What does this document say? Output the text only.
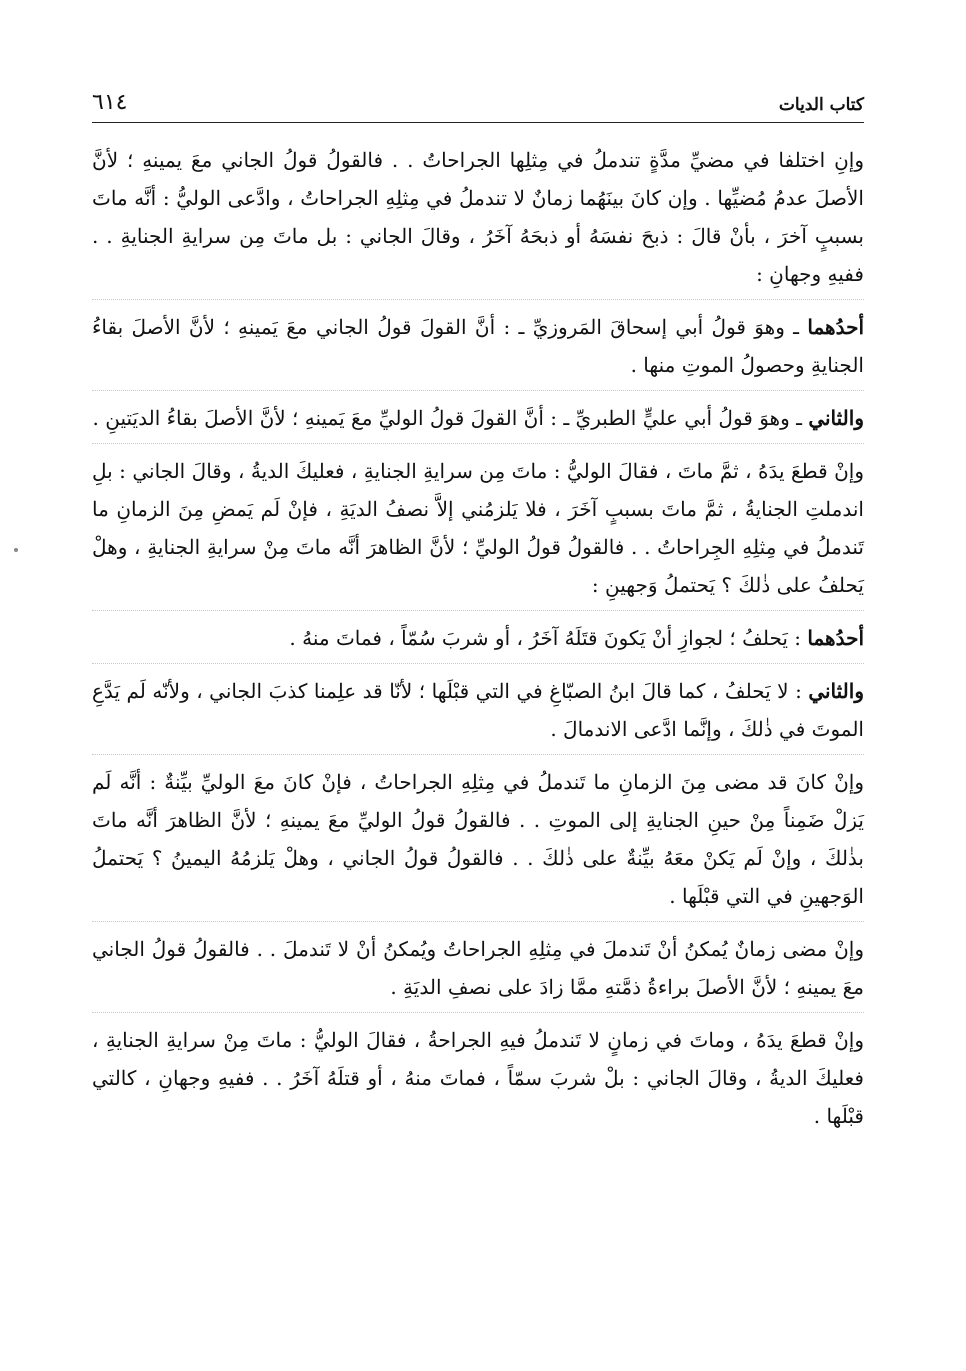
كتاب الديات
٦١٤

وإنِ اختلفا في مضيِّ مدَّةٍ تندملُ في مِثلِها الجراحاتُ . . فالقولُ قولُ الجاني معَ يمينهِ ؛ لأنَّ الأصلَ عدمُ مُضيِّها . وإن كانَ بينَهُما زمانٌ لا تندملُ في مِثلِهِ الجراحاتُ ، وادَّعى الوليُّ : أنَّه ماتَ بسببٍ آخرَ ، بأنْ قالَ : ذبحَ نفسَهُ أو ذبحَهُ آخَرُ ، وقالَ الجاني : بل ماتَ مِن سرايةِ الجنايةِ . . ففيهِ وجهانِ :

أحدُهما ـ وهوَ قولُ أبي إسحاقَ المَروزيِّ ـ : أنَّ القولَ قولُ الجاني معَ يَمينهِ ؛ لأنَّ الأصلَ بقاءُ الجنايةِ وحصولُ الموتِ منها .

والثاني ـ وهوَ قولُ أبي عليٍّ الطبريِّ ـ : أنَّ القولَ قولُ الوليِّ معَ يَمينهِ ؛ لأنَّ الأصلَ بقاءُ الديَتينِ .

وإنْ قطعَ يدَهُ ، ثمَّ ماتَ ، فقالَ الوليُّ : ماتَ مِن سرايةِ الجنايةِ ، فعليكَ الديةُ ، وقالَ الجاني : بلِ اندملتِ الجنايةُ ، ثمَّ ماتَ بسببٍ آخَرَ ، فلا يَلزمُني إلاَّ نصفُ الديَةِ ، فإنْ لَم يَمضِ مِنَ الزمانِ ما تَندملُ في مِثلِهِ الجِراحاتُ . . فالقولُ قولُ الوليِّ ؛ لأنَّ الظاهرَ أنَّه ماتَ مِنْ سرايةِ الجنايةِ ، وهلْ يَحلفُ على ذٰلكَ ؟ يَحتملُ وَجهينِ :

أحدُهما : يَحلفُ ؛ لجوازِ أنْ يَكونَ قتَلَهُ آخَرُ ، أو شربَ سُمّاً ، فماتَ منهُ .

والثاني : لا يَحلفُ ، كما قالَ ابنُ الصبّاغِ في التي قبْلَها ؛ لأنّا قد علِمنا كذبَ الجاني ، ولأنّه لَم يَدَّعِ الموتَ في ذٰلكَ ، وإنَّما ادَّعى الاندمالَ .

وإنْ كانَ قد مضى مِنَ الزمانِ ما تَندملُ في مِثلِهِ الجراحاتُ ، فإنْ كانَ معَ الوليِّ بيِّنةٌ : أنَّه لَم يَزلْ ضَمِناً مِنْ حينِ الجنايةِ إلى الموتِ . . فالقولُ قولُ الوليِّ معَ يمينهِ ؛ لأنَّ الظاهرَ أنَّه ماتَ بذٰلكَ ، وإنْ لَم يَكنْ معَهُ بيِّنةٌ على ذٰلكَ . . فالقولُ قولُ الجاني ، وهلْ يَلزمُهُ اليمينُ ؟ يَحتملُ الوَجهينِ في التي قبْلَها .

وإنْ مضى زمانٌ يُمكنُ أنْ تَندملَ في مِثلِهِ الجراحاتُ ويُمكنُ أنْ لا تَندملَ . . فالقولُ قولُ الجاني معَ يمينهِ ؛ لأنَّ الأصلَ براءةُ ذمَّتهِ ممَّا زادَ على نصفِ الديَةِ .

وإنْ قطعَ يدَهُ ، وماتَ في زمانٍ لا تَندملُ فيهِ الجراحةُ ، فقالَ الوليُّ : ماتَ مِنْ سرايةِ الجنايةِ ، فعليكَ الديةُ ، وقالَ الجاني : بلْ شربَ سمّاً ، فماتَ منهُ ، أو قتلَهُ آخَرُ . . ففيهِ وجهانِ ، كالتي قبْلَها .
